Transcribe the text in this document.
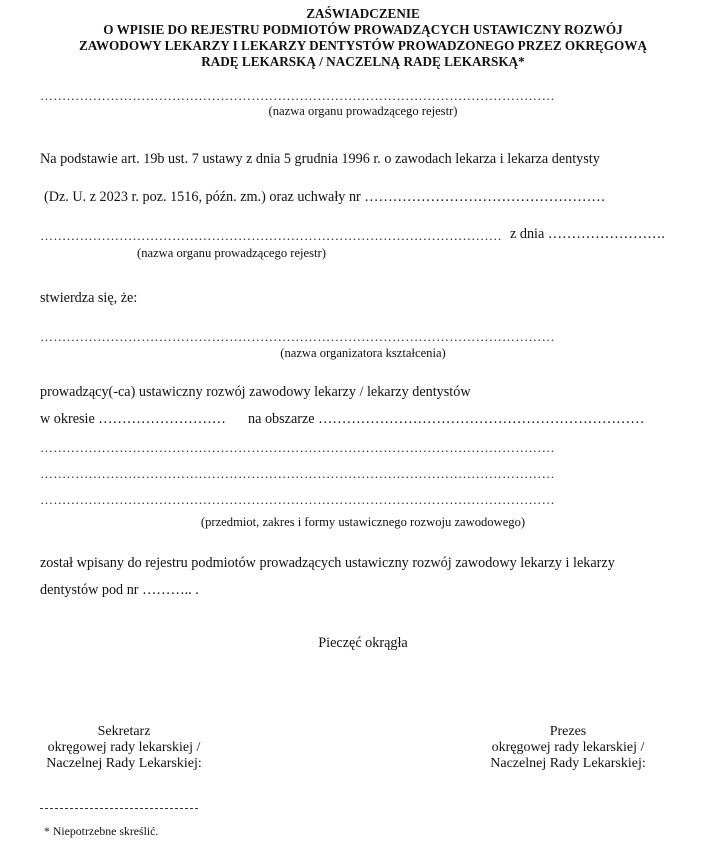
ZAŚWIADCZENIE
O WPISIE DO REJESTRU PODMIOTÓW PROWADZĄCYCH USTAWICZNY ROZWÓJ
ZAWODOWY LEKARZY I LEKARZY DENTYSTÓW PROWADZONEGO PRZEZ OKRĘGOWĄ
RADĘ LEKARSKĄ / NACZELNĄ RADĘ LEKARSKĄ*
………………………………………………………………………………………………………
(nazwa organu prowadzącego rejestr)
Na podstawie art. 19b ust. 7 ustawy z dnia 5 grudnia 1996 r. o zawodach lekarza i lekarza dentysty
(Dz. U. z 2023 r. poz. 1516, późn. zm.) oraz uchwały nr ……………………………………………
…………………………………………………………………………………………… z dnia …………………….
(nazwa organu prowadzącego rejestr)
stwierdza się, że:
………………………………………………………………………………………………………
(nazwa organizatora kształcenia)
prowadzący(-ca) ustawiczny rozwój zawodowy lekarzy / lekarzy dentystów
w okresie ………………………	na obszarze ……………………………………………………………
………………………………………………………………………………………………………
………………………………………………………………………………………………………
………………………………………………………………………………………………………
(przedmiot, zakres i formy ustawicznego rozwoju zawodowego)
został wpisany do rejestru podmiotów prowadzących ustawiczny rozwój zawodowy lekarzy i lekarzy
dentystów pod nr ……….. .
Pieczęć okrągła
Sekretarz
okręgowej rady lekarskiej /
Naczelnej Rady Lekarskiej:
Prezes
okręgowej rady lekarskiej /
Naczelnej Rady Lekarskiej:
* Niepotrzebne skreślić.
